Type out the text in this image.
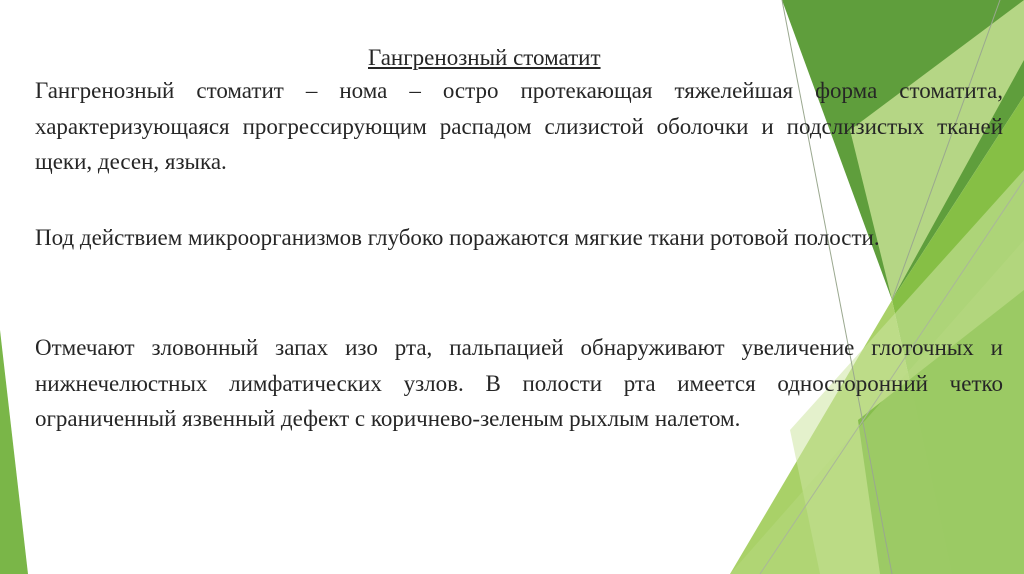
Гангренозный стоматит

Гангренозный стоматит – нома – остро протекающая тяжелейшая форма стоматита, характеризующаяся прогрессирующим распадом слизистой оболочки и подслизистых тканей щеки, десен, языка.

Под действием микроорганизмов глубоко поражаются мягкие ткани ротовой полости.

Отмечают зловонный запах изо рта, пальпацией обнаруживают увеличение глоточных и нижнечелюстных лимфатических узлов. В полости рта имеется односторонний четко ограниченный язвенный дефект с коричнево-зеленым рыхлым налетом.
